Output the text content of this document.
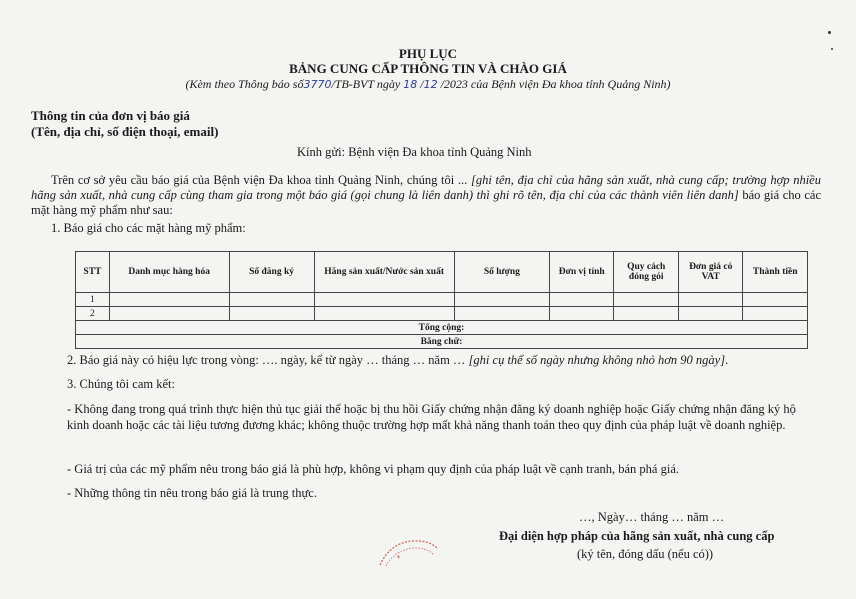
PHỤ LỤC
BẢNG CUNG CẤP THÔNG TIN VÀ CHÀO GIÁ
(Kèm theo Thông báo số3770/TB-BVT ngày 18 /12 /2023 của Bệnh viện Đa khoa tỉnh Quảng Ninh)
Thông tin của đơn vị báo giá
(Tên, địa chỉ, số điện thoại, email)
Kính gửi: Bệnh viện Đa khoa tỉnh Quảng Ninh
Trên cơ sở yêu cầu báo giá của Bệnh viện Đa khoa tỉnh Quảng Ninh, chúng tôi ... [ghi tên, địa chỉ của hãng sản xuất, nhà cung cấp; trường hợp nhiều hãng sản xuất, nhà cung cấp cùng tham gia trong một báo giá (gọi chung là liên danh) thì ghi rõ tên, địa chỉ của các thành viên liên danh] báo giá cho các mặt hàng mỹ phẩm như sau:
1. Báo giá cho các mặt hàng mỹ phẩm:
STT	Danh mục hàng hóa	Số đăng ký	Hãng sản xuất/Nước sản xuất	Số lượng	Đơn vị tính	Quy cách đóng gói	Đơn giá có VAT	Thành tiền
1								
2								
Tổng cộng:								
Bằng chữ:								
2. Báo giá này có hiệu lực trong vòng: …. ngày, kể từ ngày … tháng … năm … [ghi cụ thể số ngày nhưng không nhỏ hơn 90 ngày].
3. Chúng tôi cam kết:
- Không đang trong quá trình thực hiện thủ tục giải thể hoặc bị thu hồi Giấy chứng nhận đăng ký doanh nghiệp hoặc Giấy chứng nhận đăng ký hộ kinh doanh hoặc các tài liệu tương đương khác; không thuộc trường hợp mất khả năng thanh toán theo quy định của pháp luật về doanh nghiệp.
- Giá trị của các mỹ phẩm nêu trong báo giá là phù hợp, không vi phạm quy định của pháp luật về cạnh tranh, bán phá giá.
- Những thông tin nêu trong báo giá là trung thực.
…, Ngày… tháng … năm …
Đại diện hợp pháp của hãng sản xuất, nhà cung cấp
(ký tên, đóng dấu (nếu có))
✶
